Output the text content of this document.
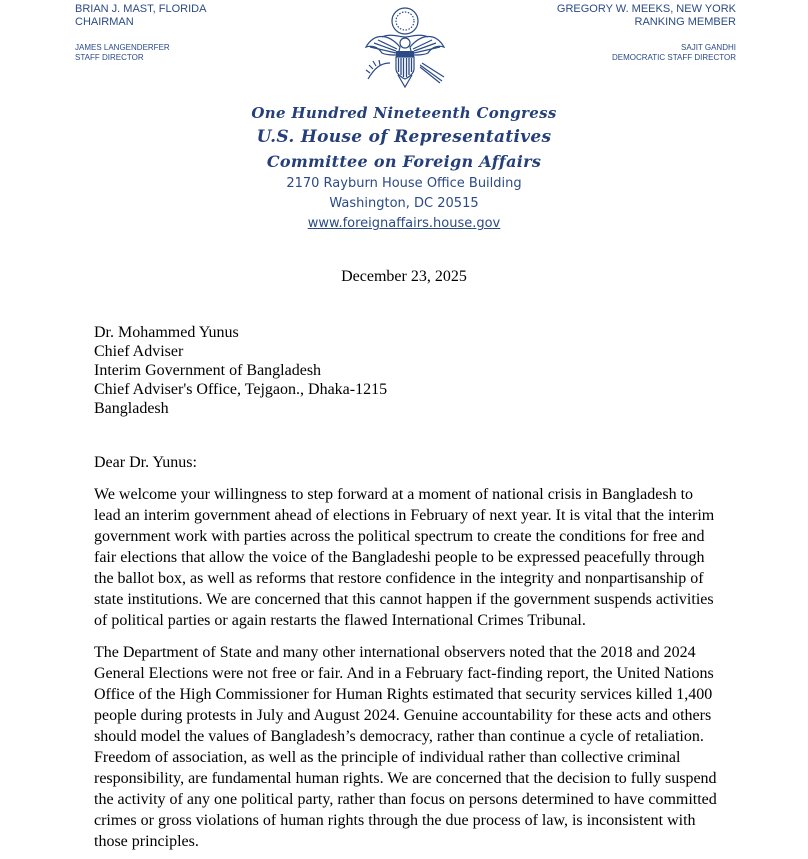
BRIAN J. MAST, FLORIDA
CHAIRMAN
JAMES LANGENDERFER
STAFF DIRECTOR
GREGORY W. MEEKS, NEW YORK
RANKING MEMBER
SAJIT GANDHI
DEMOCRATIC STAFF DIRECTOR
One Hundred Nineteenth Congress
U.S. House of Representatives
Committee on Foreign Affairs
2170 Rayburn House Office Building
Washington, DC 20515
www.foreignaffairs.house.gov
December 23, 2025
Dr. Mohammed Yunus
Chief Adviser
Interim Government of Bangladesh
Chief Adviser's Office, Tejgaon., Dhaka-1215
Bangladesh
Dear Dr. Yunus:
We welcome your willingness to step forward at a moment of national crisis in Bangladesh to
lead an interim government ahead of elections in February of next year. It is vital that the interim
government work with parties across the political spectrum to create the conditions for free and
fair elections that allow the voice of the Bangladeshi people to be expressed peacefully through
the ballot box, as well as reforms that restore confidence in the integrity and nonpartisanship of
state institutions. We are concerned that this cannot happen if the government suspends activities
of political parties or again restarts the flawed International Crimes Tribunal.
The Department of State and many other international observers noted that the 2018 and 2024
General Elections were not free or fair. And in a February fact-finding report, the United Nations
Office of the High Commissioner for Human Rights estimated that security services killed 1,400
people during protests in July and August 2024. Genuine accountability for these acts and others
should model the values of Bangladesh’s democracy, rather than continue a cycle of retaliation.
Freedom of association, as well as the principle of individual rather than collective criminal
responsibility, are fundamental human rights. We are concerned that the decision to fully suspend
the activity of any one political party, rather than focus on persons determined to have committed
crimes or gross violations of human rights through the due process of law, is inconsistent with
those principles.
